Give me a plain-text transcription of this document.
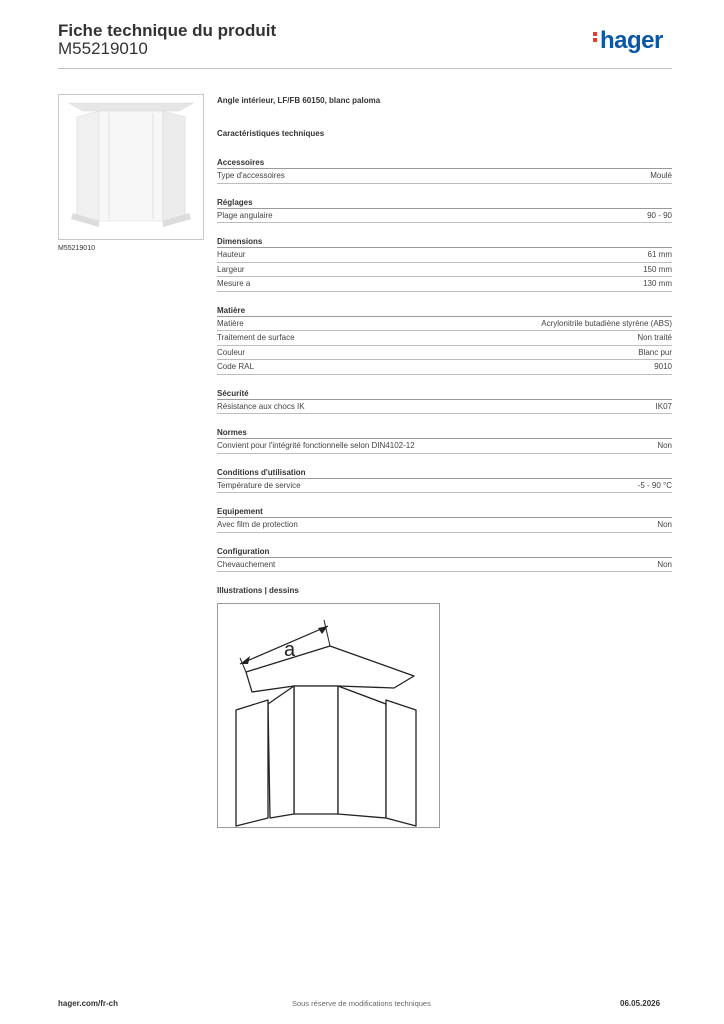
Fiche technique du produit
M55219010	hager
M55219010
Angle intérieur, LF/FB 60150, blanc paloma
Caractéristiques techniques
Accessoires
Type d'accessoires	Moulé
Réglages
Plage angulaire	90 - 90
Dimensions
Hauteur	61 mm
Largeur	150 mm
Mesure a	130 mm
Matière
Matière	Acrylonitrile butadiène styrène (ABS)
Traitement de surface	Non traité
Couleur	Blanc pur
Code RAL	9010
Sécurité
Résistance aux chocs IK	IK07
Normes
Convient pour l'intégrité fonctionnelle selon DIN4102-12	Non
Conditions d'utilisation
Température de service	-5 - 90 °C
Equipement
Avec film de protection	Non
Configuration
Chevauchement	Non
Illustrations | dessins
a
hager.com/fr-ch	Sous réserve de modifications techniques	06.05.2026
